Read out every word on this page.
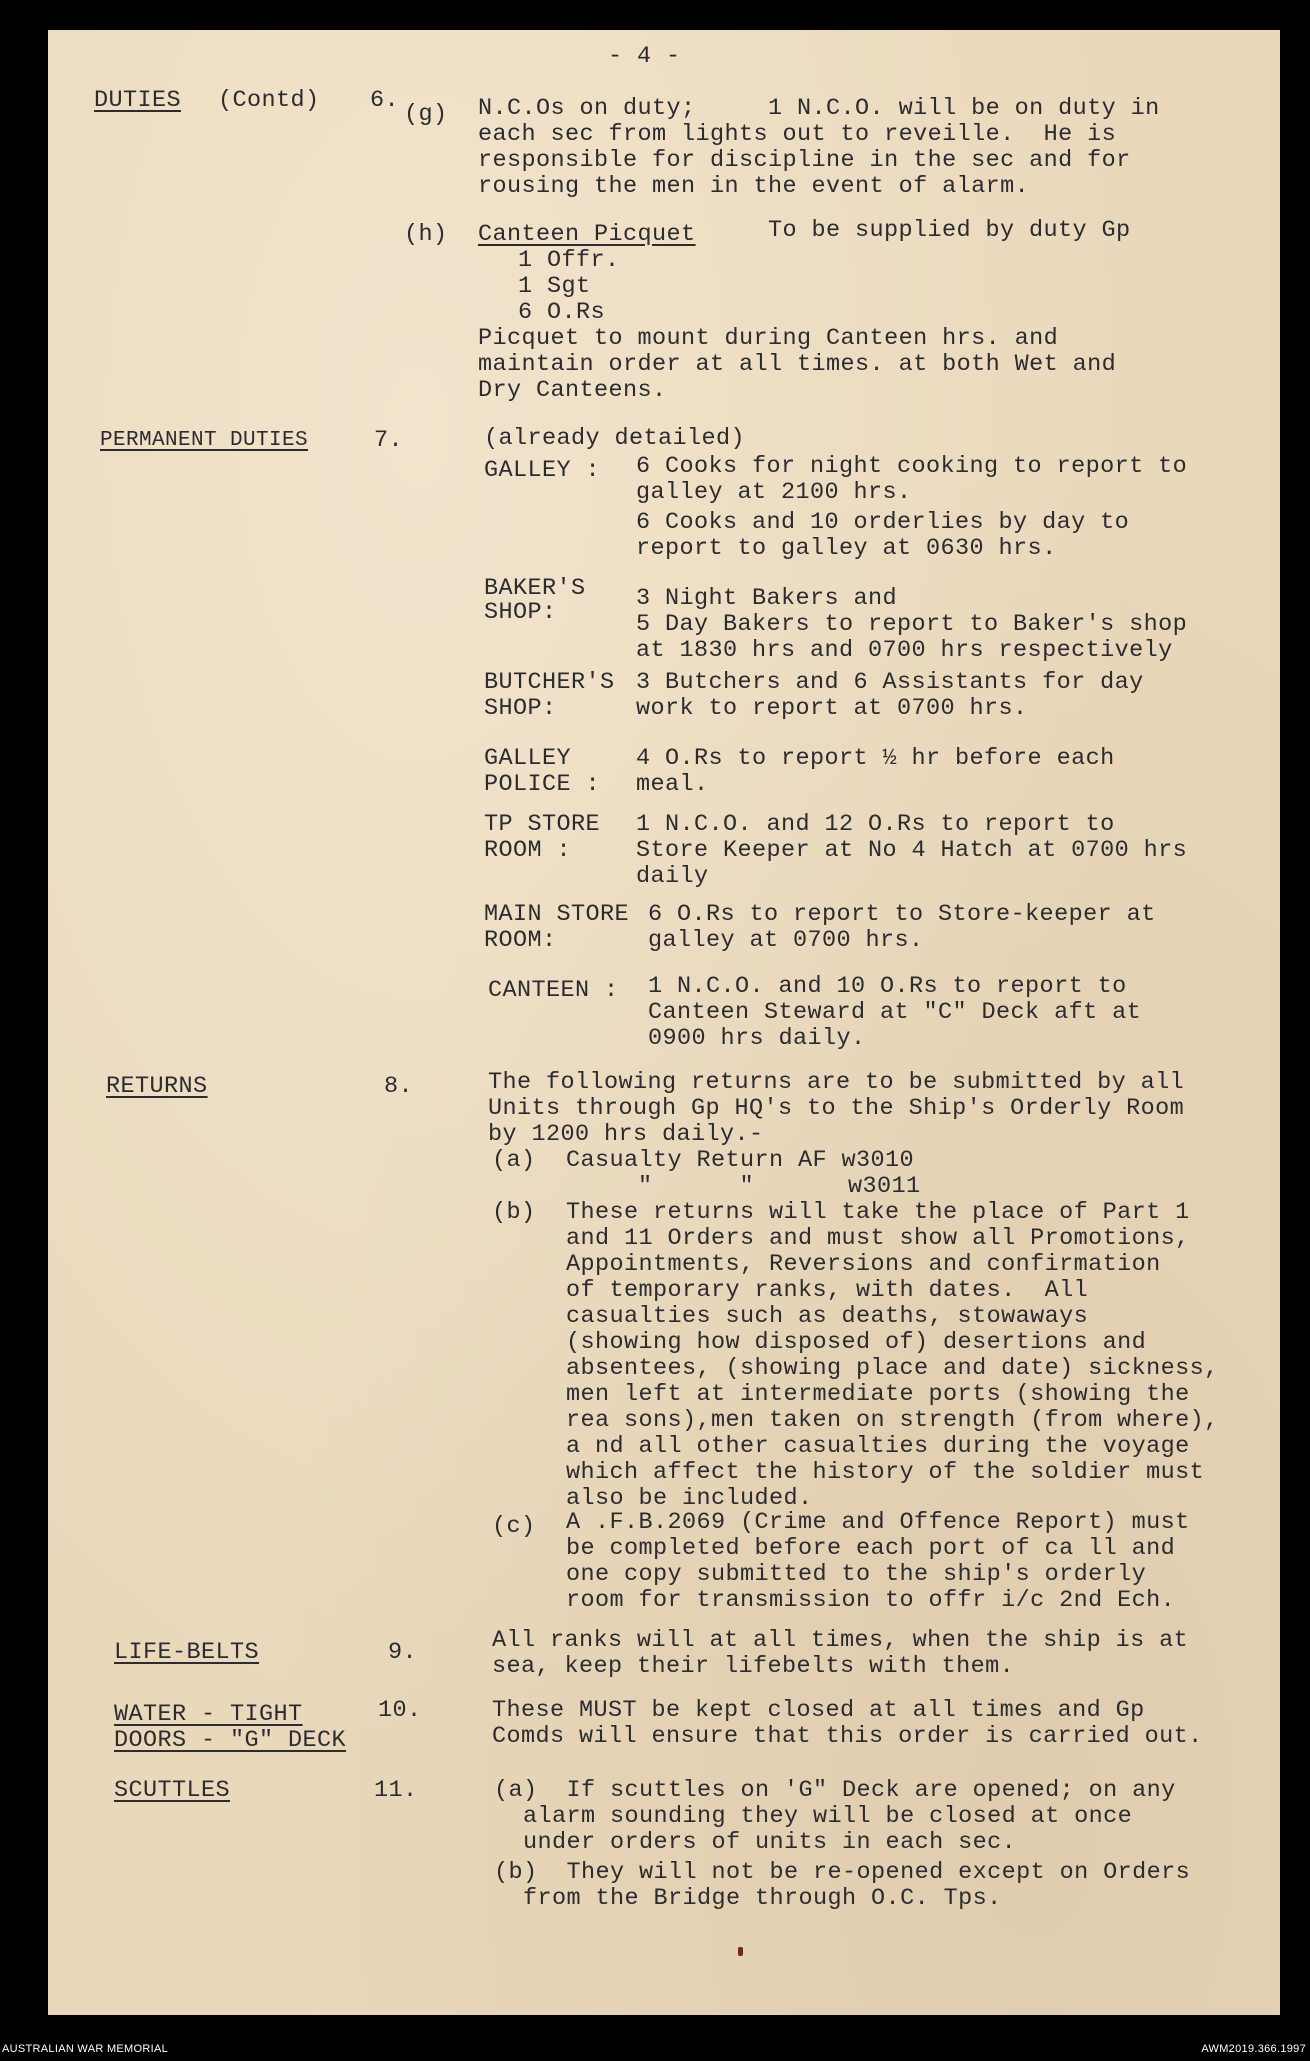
- 4 -
DUTIES (Contd) 6.
(g) N.C.Os on duty;     1 N.C.O. will be on duty in
each sec from lights out to reveille.  He is
responsible for discipline in the sec and for
rousing the men in the event of alarm.
(h) Canteen Picquet	To be supplied by duty Gp
1 Offr.
1 Sgt
6 O.Rs
Picquet to mount during Canteen hrs. and
maintain order at all times. at both Wet and
Dry Canteens.
PERMANENT DUTIES	7.	(already detailed)
GALLEY : 6 Cooks for night cooking to report to
galley at 2100 hrs.
6 Cooks and 10 orderlies by day to
report to galley at 0630 hrs.
BAKER'S
SHOP:
3 Night Bakers and
5 Day Bakers to report to Baker's shop
at 1830 hrs and 0700 hrs respectively
BUTCHER'S
SHOP:
3 Butchers and 6 Assistants for day
work to report at 0700 hrs.
GALLEY
POLICE :
4 O.Rs to report ½ hr before each
meal.
TP STORE
ROOM :
1 N.C.O. and 12 O.Rs to report to
Store Keeper at No 4 Hatch at 0700 hrs
daily
MAIN STORE
ROOM:
6 O.Rs to report to Store-keeper at
galley at 0700 hrs.
CANTEEN : 1 N.C.O. and 10 O.Rs to report to
Canteen Steward at "C" Deck aft at
0900 hrs daily.
RETURNS	8.	The following returns are to be submitted by all
Units through Gp HQ's to the Ship's Orderly Room
by 1200 hrs daily.-
(a) Casualty Return AF w3010
"      "	w3011
(b) These returns will take the place of Part 1
and 11 Orders and must show all Promotions,
Appointments, Reversions and confirmation
of temporary ranks, with dates.  All
casualties such as deaths, stowaways
(showing how disposed of) desertions and
absentees, (showing place and date) sickness,
men left at intermediate ports (showing the
rea sons),men taken on strength (from where),
a nd all other casualties during the voyage
which affect the history of the soldier must
also be included.
(c) A .F.B.2069 (Crime and Offence Report) must
be completed before each port of ca ll and
one copy submitted to the ship's orderly
room for transmission to offr i/c 2nd Ech.
LIFE-BELTS	9.	All ranks will at all times, when the ship is at
sea, keep their lifebelts with them.
WATER - TIGHT
DOORS - "G" DECK
10.	These MUST be kept closed at all times and Gp
Comds will ensure that this order is carried out.
SCUTTLES	11.	(a)  If scuttles on 'G" Deck are opened; on any
alarm sounding they will be closed at once
under orders of units in each sec.
(b)  They will not be re-opened except on Orders
from the Bridge through O.C. Tps.
AUSTRALIAN WAR MEMORIAL	AWM2019.366.1997
